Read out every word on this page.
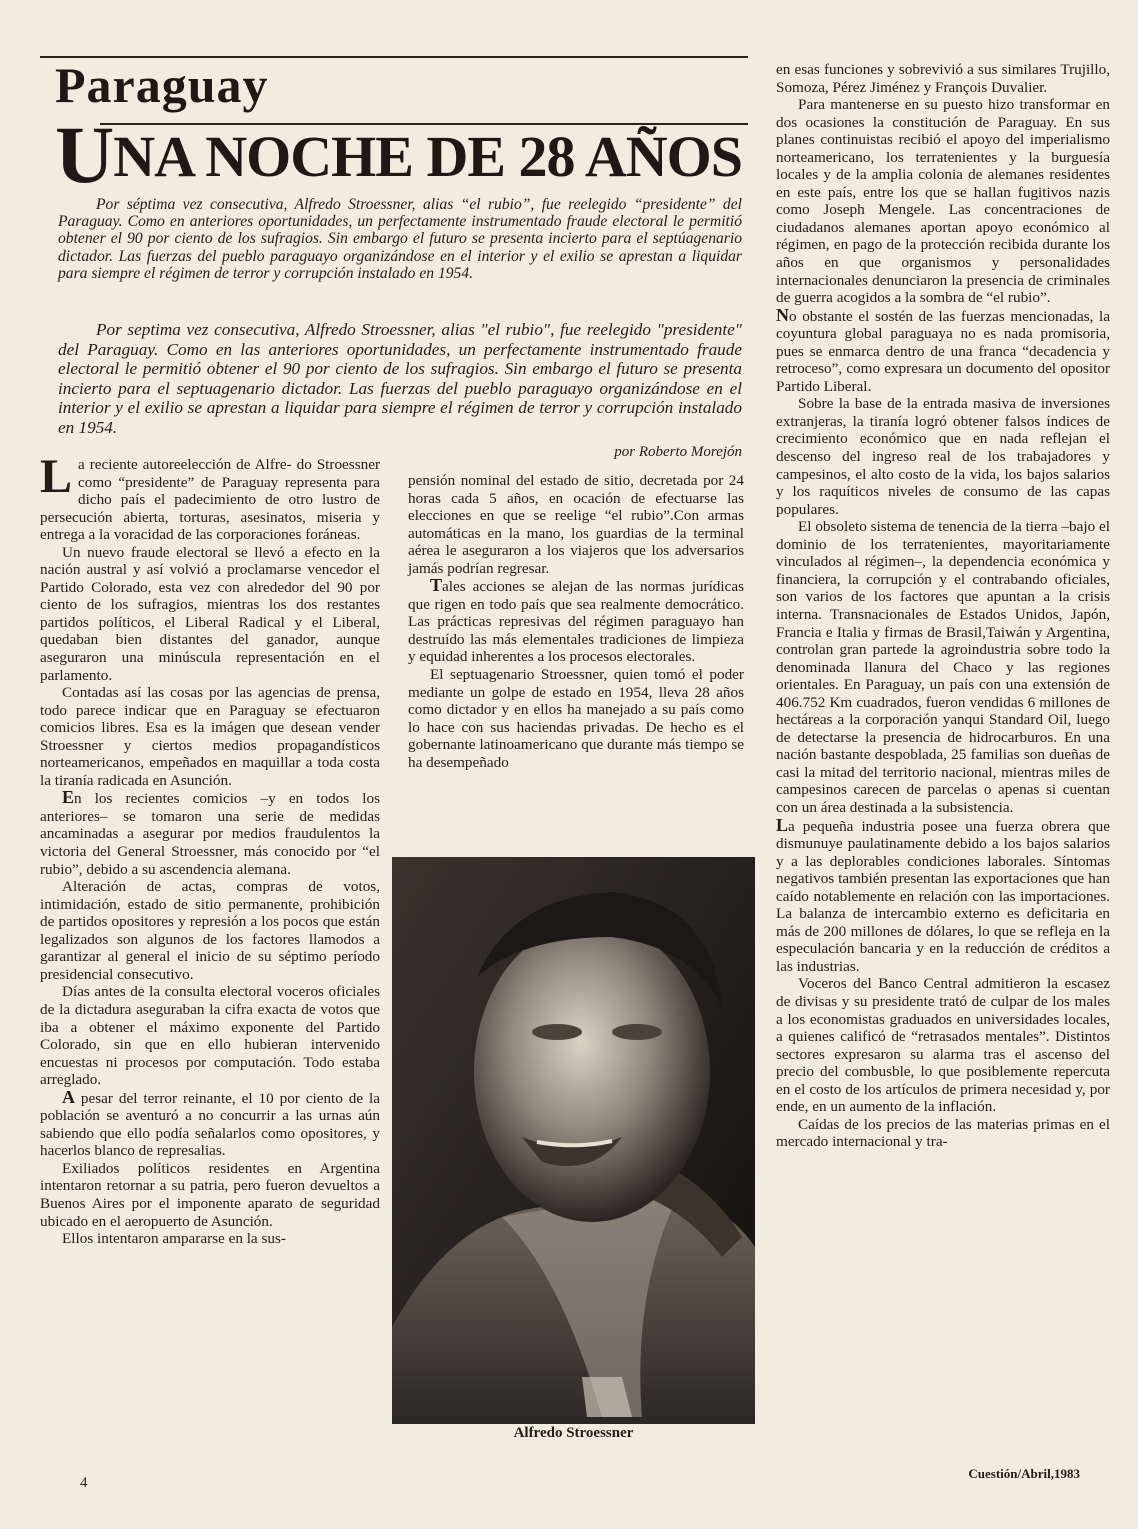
Paraguay
UNA NOCHE DE 28 AÑOS

Por séptima vez consecutiva, Alfredo Stroessner, alias “el rubio”, fue reelegido “presidente” del Paraguay. Como en anteriores oportunidades, un perfectamente instrumentado fraude electoral le permitió obtener el 90 por ciento de los sufragios. Sin embargo el futuro se presenta incierto para el septúagenario dictador. Las fuerzas del pueblo paraguayo organizándose en el interior y el exilio se aprestan a liquidar para siempre el régimen de terror y corrupción instalado en 1954.

Por septima vez consecutiva, Alfredo Stroessner, alias "el rubio", fue reelegido "presidente" del Paraguay. Como en las anteriores oportunidades, un perfectamente instrumentado fraude electoral le permitió obtener el 90 por ciento de los sufragios. Sin embargo el futuro se presenta incierto para el septuagenario dictador. Las fuerzas del pueblo paraguayo organizándose en el interior y el exilio se aprestan a liquidar para siempre el régimen de terror y corrupción instalado en 1954.

por Roberto Morejón

La reciente autoreelección de Alfre- do Stroessner como “presidente” de Paraguay representa para dicho país el padecimiento de otro lustro de persecución abierta, torturas, asesinatos, miseria y entrega a la voracidad de las corporaciones foráneas.

Un nuevo fraude electoral se llevó a efecto en la nación austral y así volvió a proclamarse vencedor el Partido Colorado, esta vez con alrededor del 90 por ciento de los sufragios, mientras los dos restantes partidos políticos, el Liberal Radical y el Liberal, quedaban bien distantes del ganador, aunque aseguraron una minúscula representación en el parlamento.

Contadas así las cosas por las agencias de prensa, todo parece indicar que en Paraguay se efectuaron comicios libres. Esa es la imágen que desean vender Stroessner y ciertos medios propagandísticos norteamericanos, empeñados en maquillar a toda costa la tiranía radicada en Asunción.

En los recientes comicios –y en todos los anteriores– se tomaron una serie de medidas ancaminadas a asegurar por medios fraudulentos la victoria del General Stroessner, más conocido por “el rubio”, debido a su ascendencia alemana.

Alteración de actas, compras de votos, intimidación, estado de sitio permanente, prohibición de partidos opositores y represión a los pocos que están legalizados son algunos de los factores llamodos a garantizar al general el inicio de su séptimo período presidencial consecutivo.

Días antes de la consulta electoral voceros oficiales de la dictadura aseguraban la cifra exacta de votos que iba a obtener el máximo exponente del Partido Colorado, sin que en ello hubieran intervenido encuestas ni procesos por computación. Todo estaba arreglado.

A pesar del terror reinante, el 10 por ciento de la población se aventuró a no concurrir a las urnas aún sabiendo que ello podía señalarlos como opositores, y hacerlos blanco de represalias.

Exiliados políticos residentes en Argentina intentaron retornar a su patria, pero fueron devueltos a Buenos Aires por el imponente aparato de seguridad ubicado en el aeropuerto de Asunción.

Ellos intentaron ampararse en la sus-

pensión nominal del estado de sitio, decretada por 24 horas cada 5 años, en ocación de efectuarse las elecciones en que se reelige “el rubio”.Con armas automáticas en la mano, los guardias de la terminal aérea le aseguraron a los viajeros que los adversarios jamás podrían regresar.

Tales acciones se alejan de las normas jurídicas que rigen en todo país que sea realmente democrático. Las prácticas represivas del régimen paraguayo han destruído las más elementales tradiciones de limpieza y equidad inherentes a los procesos electorales.

El septuagenario Stroessner, quien tomó el poder mediante un golpe de estado en 1954, lleva 28 años como dictador y en ellos ha manejado a su país como lo hace con sus haciendas privadas. De hecho es el gobernante latinoamericano que durante más tiempo se ha desempeñado

Alfredo Stroessner

en esas funciones y sobrevivió a sus similares Trujillo, Somoza, Pérez Jiménez y François Duvalier.

Para mantenerse en su puesto hizo transformar en dos ocasiones la constitución de Paraguay. En sus planes continuistas recibió el apoyo del imperialismo norteamericano, los terratenientes y la burguesía locales y de la amplia colonia de alemanes residentes en este país, entre los que se hallan fugitivos nazis como Joseph Mengele. Las concentraciones de ciudadanos alemanes aportan apoyo económico al régimen, en pago de la protección recibida durante los años en que organismos y personalidades internacionales denunciaron la presencia de criminales de guerra acogidos a la sombra de “el rubio”.

No obstante el sostén de las fuerzas mencionadas, la coyuntura global paraguaya no es nada promisoria, pues se enmarca dentro de una franca “decadencia y retroceso”, como expresara un documento del opositor Partido Liberal.

Sobre la base de la entrada masiva de inversiones extranjeras, la tiranía logró obtener falsos índices de crecimiento económico que en nada reflejan el descenso del ingreso real de los trabajadores y campesinos, el alto costo de la vida, los bajos salarios y los raquíticos niveles de consumo de las capas populares.

El obsoleto sistema de tenencia de la tierra –bajo el dominio de los terratenientes, mayoritariamente vinculados al régimen–, la dependencia económica y financiera, la corrupción y el contrabando oficiales, son varios de los factores que apuntan a la crisis interna. Transnacionales de Estados Unidos, Japón, Francia e Italia y firmas de Brasil,Taiwán y Argentina, controlan gran partede la agroindustria sobre todo la denominada llanura del Chaco y las regiones orientales. En Paraguay, un país con una extensión de 406.752 Km cuadrados, fueron vendidas 6 millones de hectáreas a la corporación yanqui Standard Oil, luego de detectarse la presencia de hidrocarburos. En una nación bastante despoblada, 25 familias son dueñas de casi la mitad del territorio nacional, mientras miles de campesinos carecen de parcelas o apenas si cuentan con un área destinada a la subsistencia.

La pequeña industria posee una fuerza obrera que dismunuye paulatinamente debido a los bajos salarios y a las deplorables condiciones laborales. Síntomas negativos también presentan las exportaciones que han caído notablemente en relación con las importaciones. La balanza de intercambio externo es deficitaria en más de 200 millones de dólares, lo que se refleja en la especulación bancaria y en la reducción de créditos a las industrias.

Voceros del Banco Central admitieron la escasez de divisas y su presidente trató de culpar de los males a los economistas graduados en universidades locales, a quienes calificó de “retrasados mentales”. Distintos sectores expresaron su alarma tras el ascenso del precio del combusble, lo que posiblemente repercuta en el costo de los artículos de primera necesidad y, por ende, en un aumento de la inflación.

Caídas de los precios de las materias primas en el mercado internacional y tra-

4
Cuestión/Abril,1983
